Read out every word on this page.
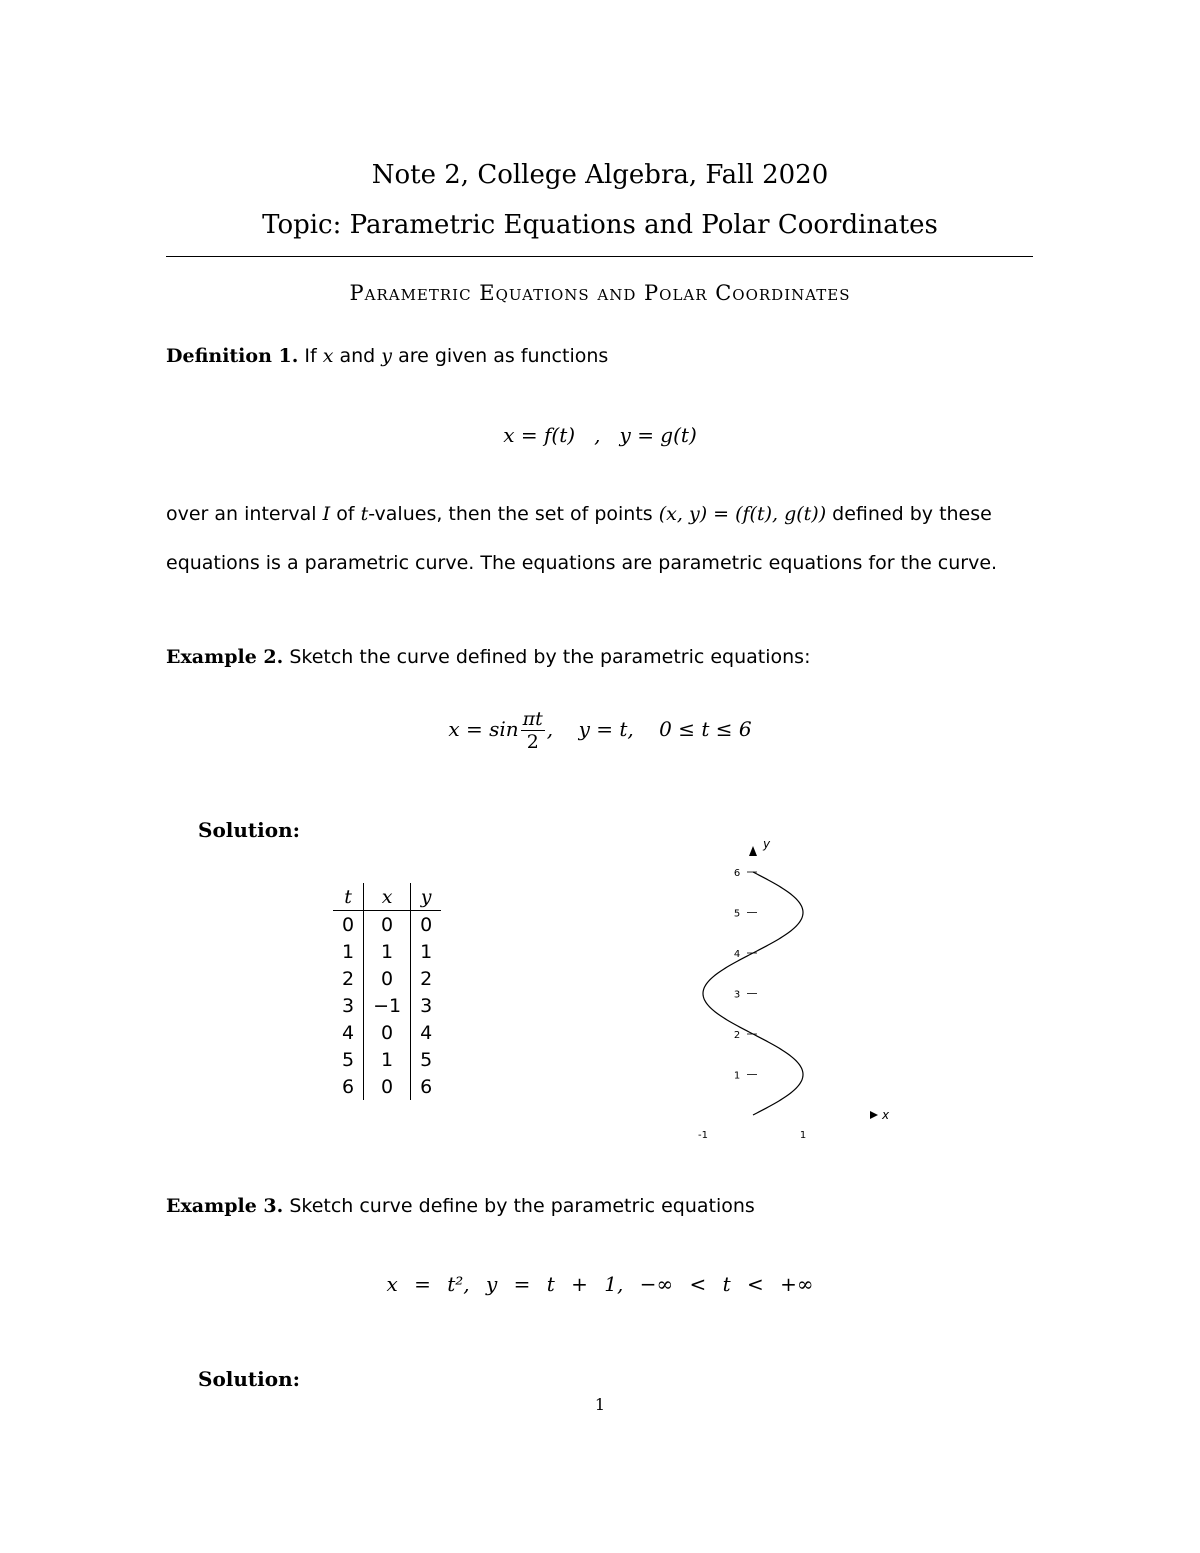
Note 2, College Algebra, Fall 2020
Topic: Parametric Equations and Polar Coordinates
Parametric Equations and Polar Coordinates
Definition 1. If x and y are given as functions
x = f(t)   ,   y = g(t)
over an interval I of t-values, then the set of points (x, y) = (f(t), g(t)) defined by these
equations is a parametric curve. The equations are parametric equations for the curve.
Example 2. Sketch the curve defined by the parametric equations:
$x = \sin \frac{\pi t}{2}$ ,    y = t,    0 ≤ t ≤ 6
Solution:
t	x	y
0	0	0
1	1	1
2	0	2
3	−1	3
4	0	4
5	1	5
6	0	6
y
x
1
2
3
4
5
6
-1	1
Example 3. Sketch curve define by the parametric equations
x = t², y = t + 1, −∞ < t < +∞
Solution:
1
